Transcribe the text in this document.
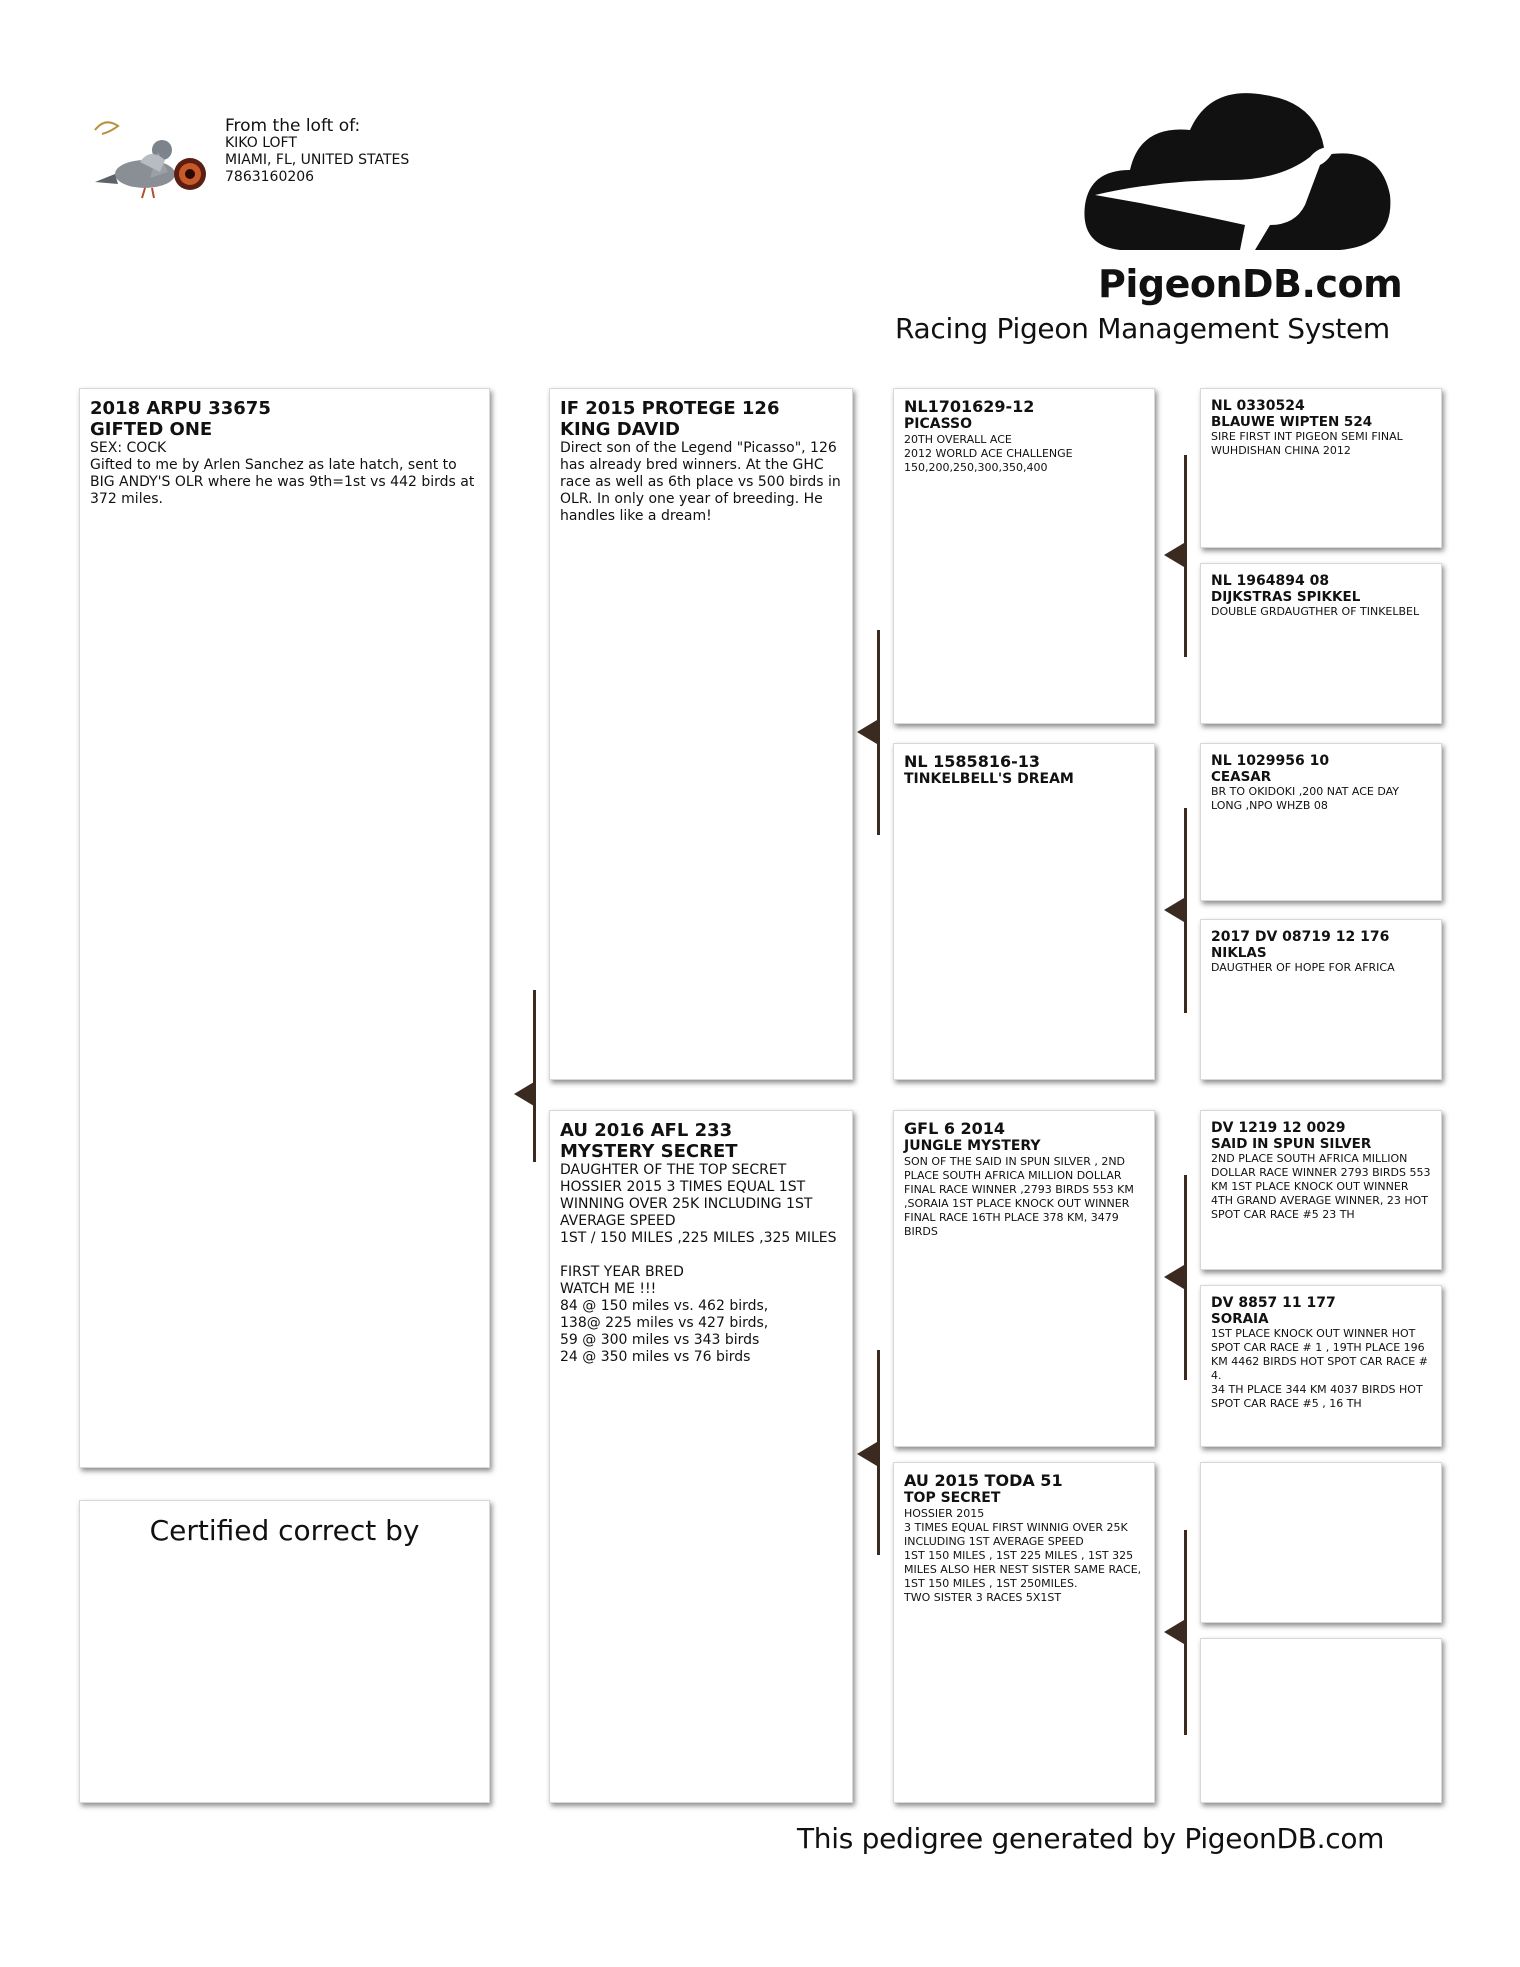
From the loft of:
KIKO LOFT
MIAMI, FL, UNITED STATES
7863160206
PigeonDB.com
Racing Pigeon Management System
2018 ARPU 33675
GIFTED ONE
SEX: COCK
Gifted to me by Arlen Sanchez as late hatch, sent to BIG ANDY'S OLR where he was 9th=1st vs 442 birds at 372 miles.
Certified correct by
IF 2015 PROTEGE 126
KING DAVID
Direct son of the Legend "Picasso", 126 has already bred winners. At the GHC race as well as 6th place vs 500 birds in OLR. In only one year of breeding. He handles like a dream!
AU 2016 AFL 233
MYSTERY SECRET
DAUGHTER OF THE TOP SECRET HOSSIER 2015 3 TIMES EQUAL 1ST WINNING OVER 25K INCLUDING 1ST AVERAGE SPEED
1ST / 150 MILES ,225 MILES ,325 MILES

FIRST YEAR BRED
WATCH ME !!!
84 @ 150 miles vs. 462 birds,
138@ 225 miles vs 427 birds,
59 @ 300 miles vs 343 birds
24 @ 350 miles vs 76 birds
NL1701629-12
PICASSO
20TH OVERALL ACE
2012 WORLD ACE CHALLENGE
150,200,250,300,350,400
NL 1585816-13
TINKELBELL'S DREAM
GFL 6 2014
JUNGLE MYSTERY
SON OF THE SAID IN SPUN SILVER , 2ND PLACE SOUTH AFRICA MILLION DOLLAR FINAL RACE WINNER ,2793 BIRDS 553 KM ,SORAIA 1ST PLACE KNOCK OUT WINNER FINAL RACE 16TH PLACE 378 KM, 3479 BIRDS
AU 2015 TODA 51
TOP SECRET
HOSSIER 2015
3 TIMES EQUAL FIRST WINNIG OVER 25K INCLUDING 1ST AVERAGE SPEED
1ST 150 MILES , 1ST 225 MILES , 1ST 325 MILES ALSO HER NEST SISTER SAME RACE, 1ST 150 MILES , 1ST 250MILES.
TWO SISTER 3 RACES 5X1ST
NL 0330524
BLAUWE WIPTEN 524
SIRE FIRST INT PIGEON SEMI FINAL WUHDISHAN CHINA 2012
NL 1964894 08
DIJKSTRAS SPIKKEL
DOUBLE GRDAUGTHER OF TINKELBEL
NL 1029956 10
CEASAR
BR TO OKIDOKI ,200 NAT ACE DAY LONG ,NPO WHZB 08
2017 DV 08719 12 176
NIKLAS
DAUGTHER OF HOPE FOR AFRICA
DV 1219 12 0029
SAID IN SPUN SILVER
2ND PLACE SOUTH AFRICA MILLION DOLLAR RACE WINNER 2793 BIRDS 553 KM 1ST PLACE KNOCK OUT WINNER 4TH GRAND AVERAGE WINNER, 23 HOT SPOT CAR RACE #5 23 TH
DV 8857 11 177
SORAIA
1ST PLACE KNOCK OUT WINNER HOT SPOT CAR RACE # 1 , 19TH PLACE 196 KM 4462 BIRDS HOT SPOT CAR RACE # 4.
34 TH PLACE 344 KM 4037 BIRDS HOT SPOT CAR RACE #5 , 16 TH
This pedigree generated by PigeonDB.com
